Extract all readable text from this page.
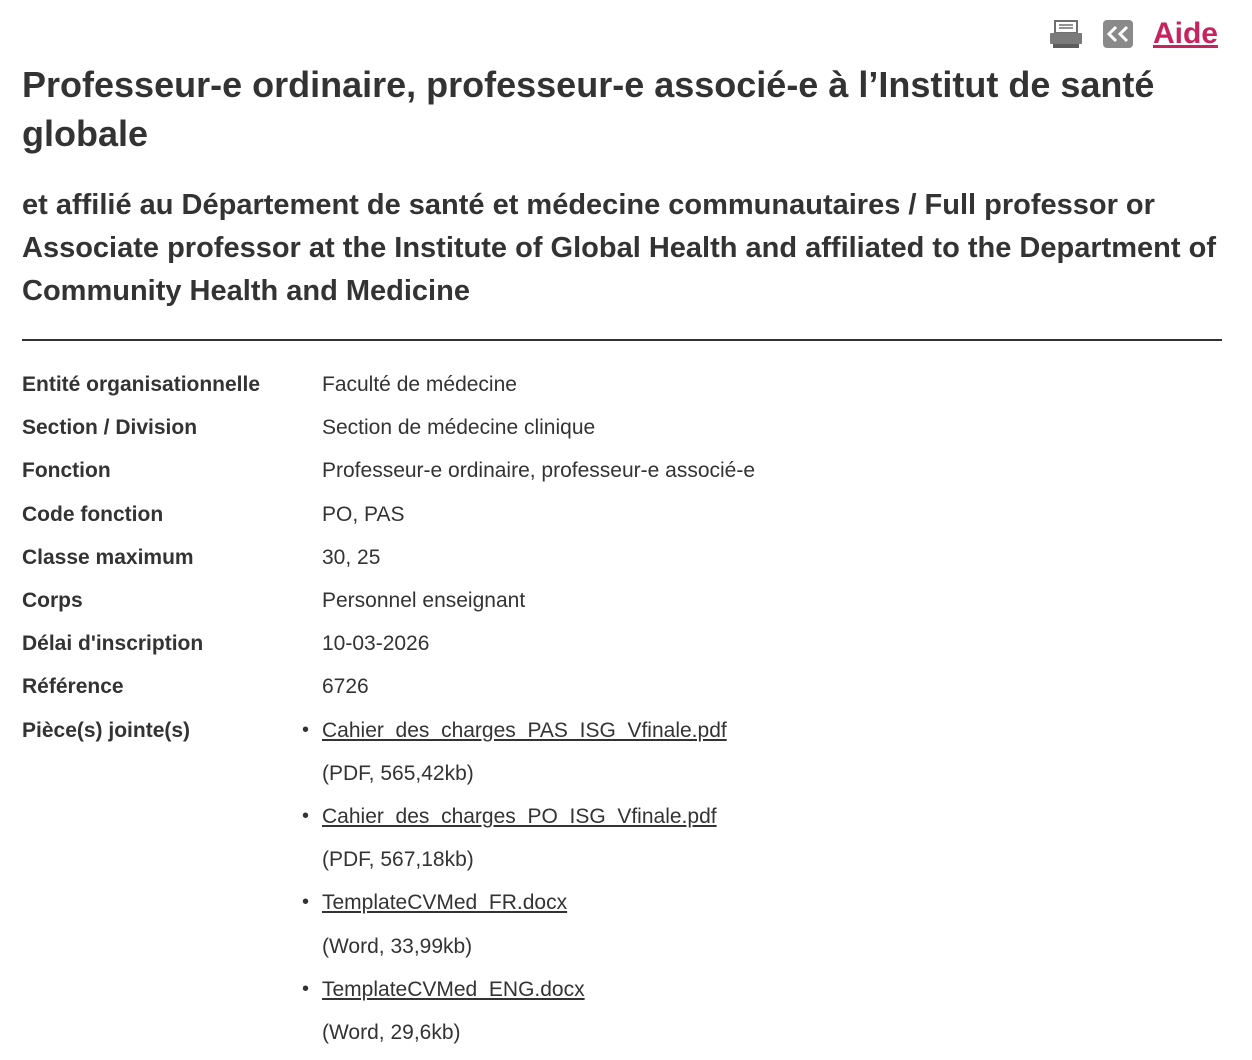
Aide
Professeur-e ordinaire, professeur-e associé-e à l’Institut de santé globale
et affilié au Département de santé et médecine communautaires / Full professor or Associate professor at the Institute of Global Health and affiliated to the Department of Community Health and Medicine
Entité organisationnelle	Faculté de médecine
Section / Division	Section de médecine clinique
Fonction	Professeur-e ordinaire, professeur-e associé-e
Code fonction	PO, PAS
Classe maximum	30, 25
Corps	Personnel enseignant
Délai d'inscription	10-03-2026
Référence	6726
Pièce(s) jointe(s)	• Cahier_des_charges_PAS_ISG_Vfinale.pdf
(PDF, 565,42kb)
• Cahier_des_charges_PO_ISG_Vfinale.pdf
(PDF, 567,18kb)
• TemplateCVMed_FR.docx
(Word, 33,99kb)
• TemplateCVMed_ENG.docx
(Word, 29,6kb)
